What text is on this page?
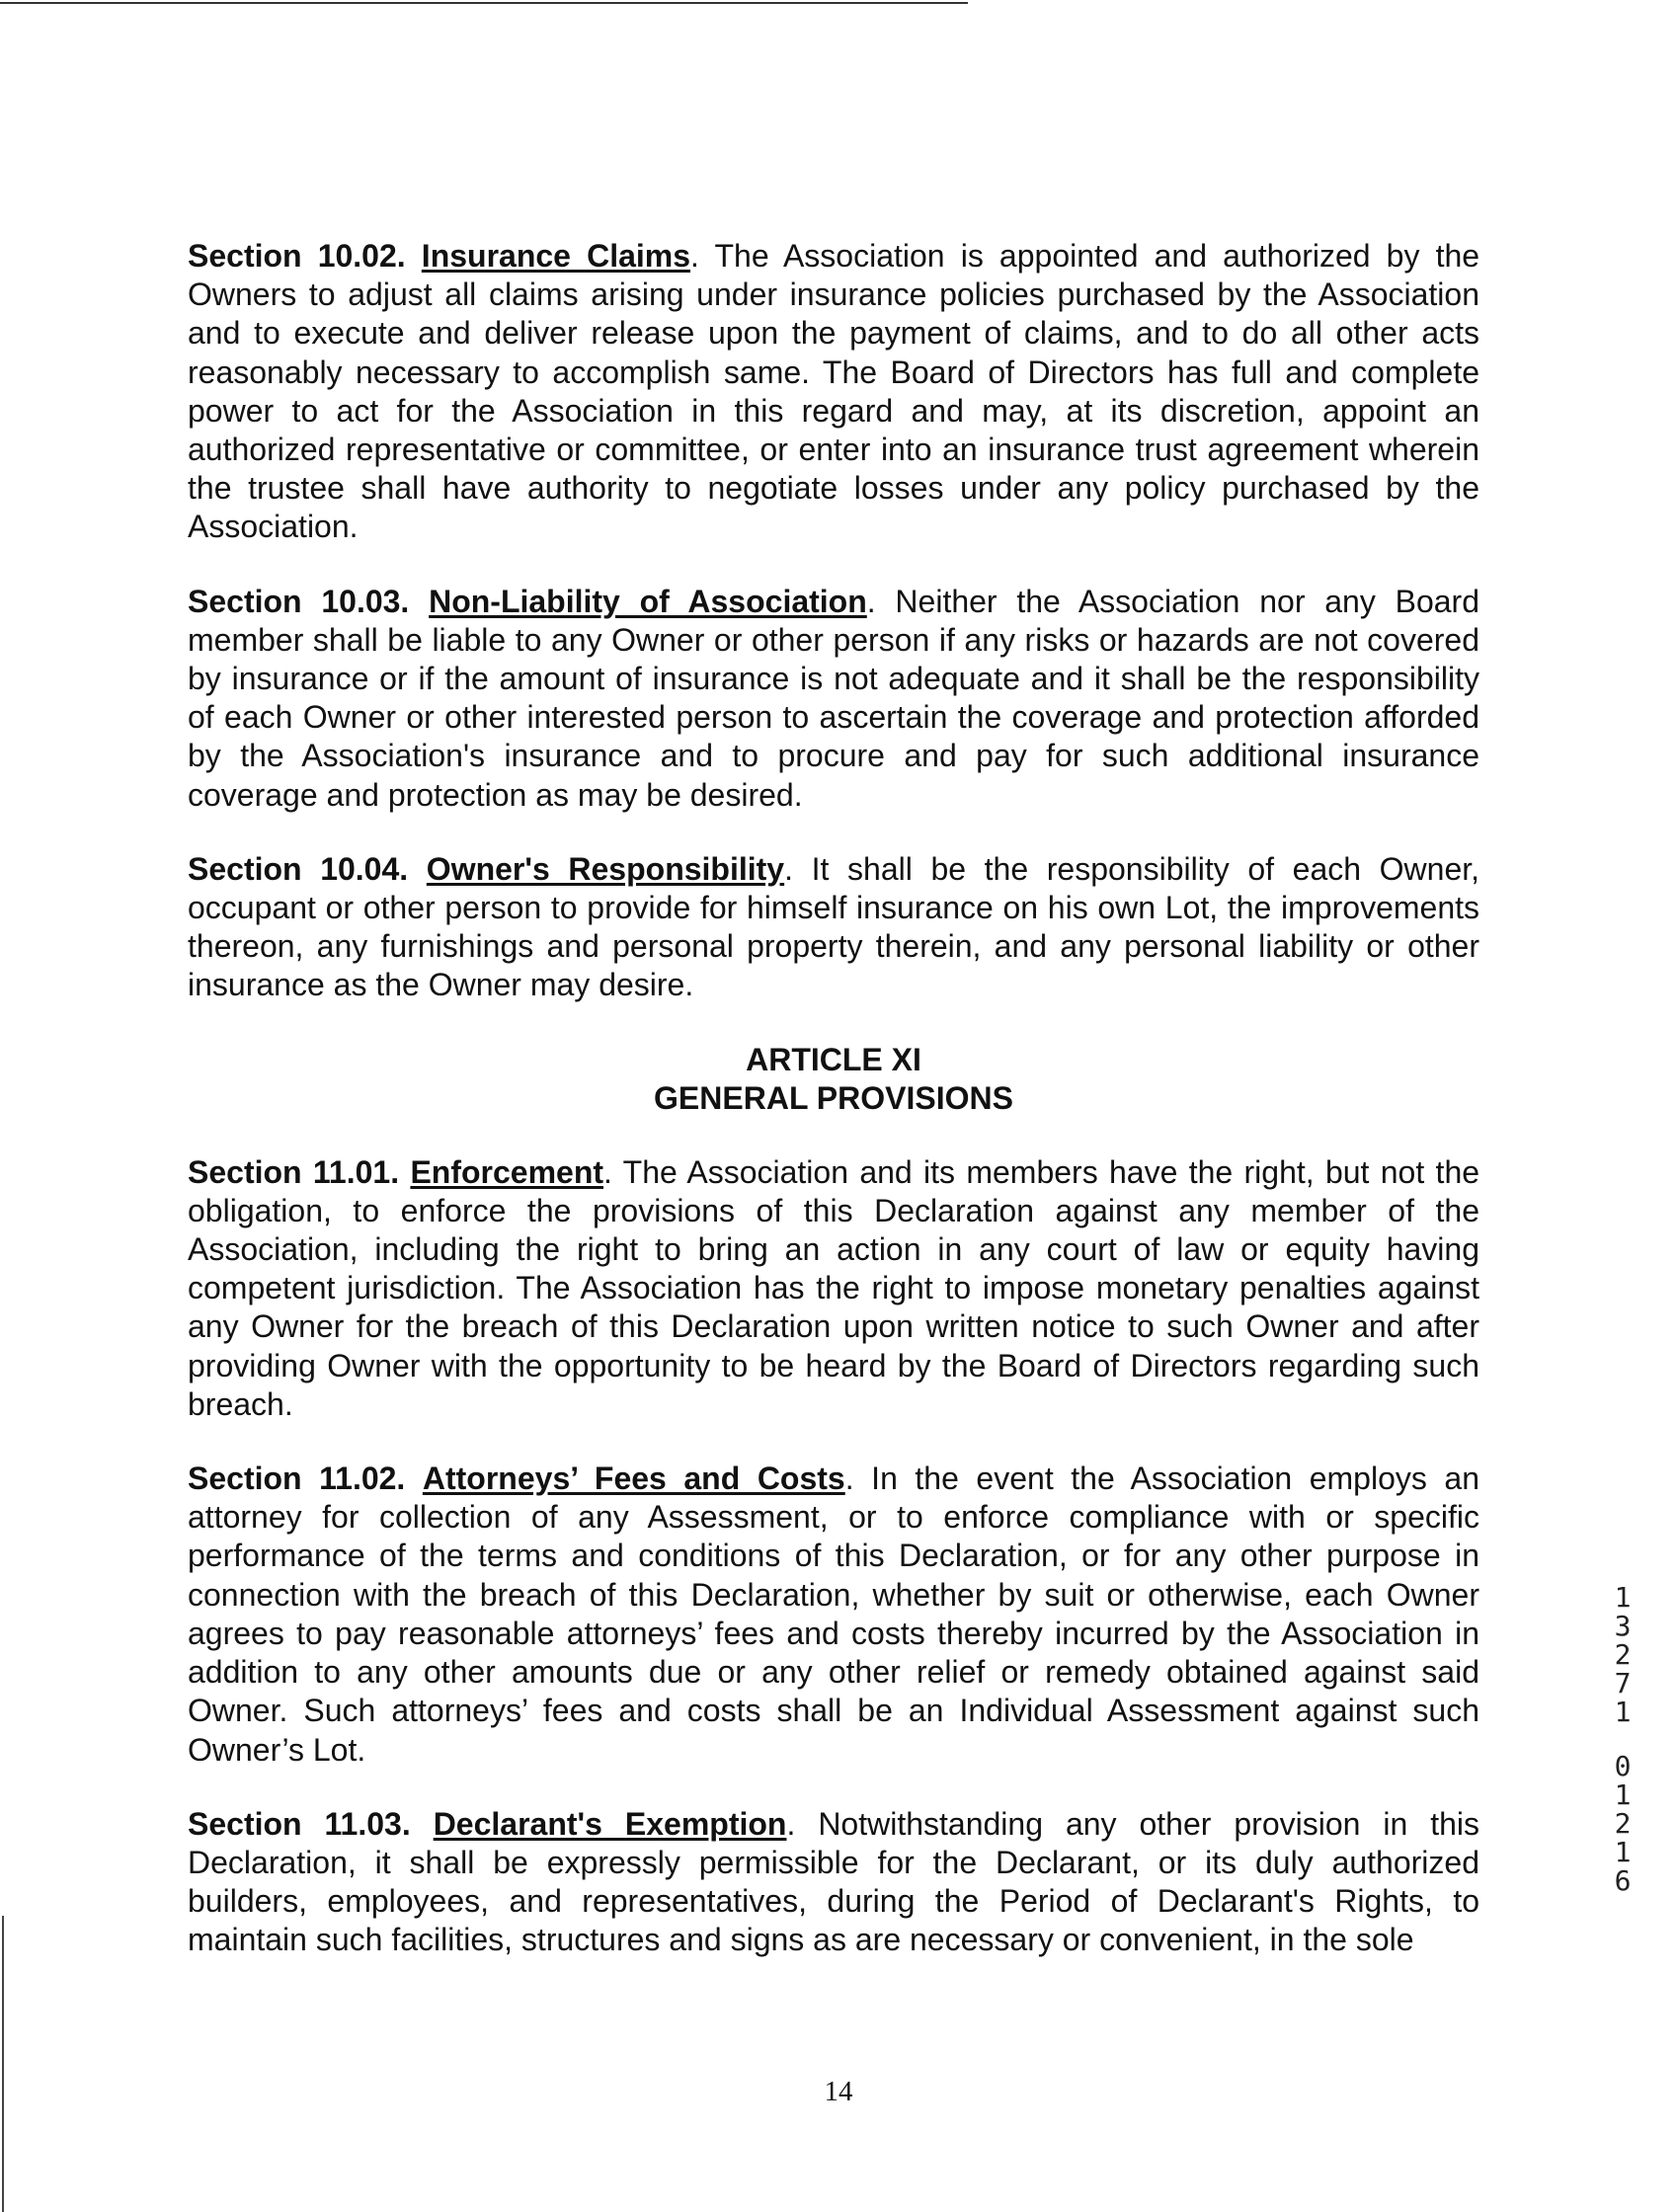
Section 10.02. Insurance Claims. The Association is appointed and authorized by the Owners to adjust all claims arising under insurance policies purchased by the Association and to execute and deliver release upon the payment of claims, and to do all other acts reasonably necessary to accomplish same. The Board of Directors has full and complete power to act for the Association in this regard and may, at its discretion, appoint an authorized representative or committee, or enter into an insurance trust agreement wherein the trustee shall have authority to negotiate losses under any policy purchased by the Association.

Section 10.03. Non-Liability of Association. Neither the Association nor any Board member shall be liable to any Owner or other person if any risks or hazards are not covered by insurance or if the amount of insurance is not adequate and it shall be the responsibility of each Owner or other interested person to ascertain the coverage and protection afforded by the Association's insurance and to procure and pay for such additional insurance coverage and protection as may be desired.

Section 10.04. Owner's Responsibility. It shall be the responsibility of each Owner, occupant or other person to provide for himself insurance on his own Lot, the improvements thereon, any furnishings and personal property therein, and any personal liability or other insurance as the Owner may desire.

ARTICLE XI
GENERAL PROVISIONS

Section 11.01. Enforcement. The Association and its members have the right, but not the obligation, to enforce the provisions of this Declaration against any member of the Association, including the right to bring an action in any court of law or equity having competent jurisdiction. The Association has the right to impose monetary penalties against any Owner for the breach of this Declaration upon written notice to such Owner and after providing Owner with the opportunity to be heard by the Board of Directors regarding such breach.

Section 11.02. Attorneys’ Fees and Costs. In the event the Association employs an attorney for collection of any Assessment, or to enforce compliance with or specific performance of the terms and conditions of this Declaration, or for any other purpose in connection with the breach of this Declaration, whether by suit or otherwise, each Owner agrees to pay reasonable attorneys’ fees and costs thereby incurred by the Association in addition to any other amounts due or any other relief or remedy obtained against said Owner. Such attorneys’ fees and costs shall be an Individual Assessment against such Owner’s Lot.

Section 11.03. Declarant's Exemption. Notwithstanding any other provision in this Declaration, it shall be expressly permissible for the Declarant, or its duly authorized builders, employees, and representatives, during the Period of Declarant's Rights, to maintain such facilities, structures and signs as are necessary or convenient, in the sole

1
3
2
7
1
0
1
2
1
6
14
